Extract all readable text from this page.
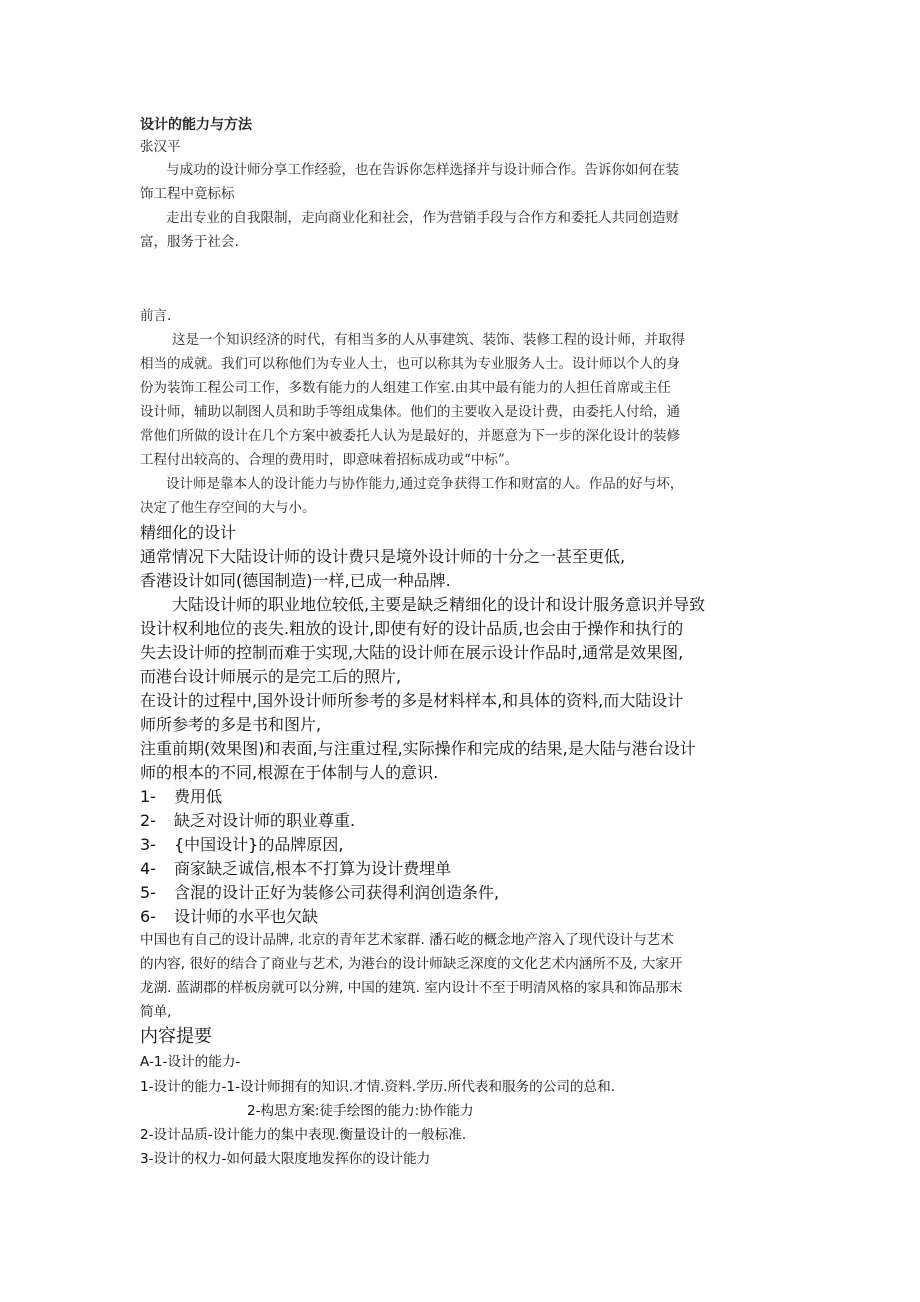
设计的能力与方法
张汉平
与成功的设计师分享工作经验，也在告诉你怎样选择并与设计师合作。告诉你如何在装
饰工程中竟标标
走出专业的自我限制，走向商业化和社会，作为营销手段与合作方和委托人共同创造财
富，服务于社会.
前言.
这是一个知识经济的时代，有相当多的人从事建筑、装饰、装修工程的设计师，并取得
相当的成就。我们可以称他们为专业人士，也可以称其为专业服务人士。设计师以个人的身
份为装饰工程公司工作，多数有能力的人组建工作室.由其中最有能力的人担任首席或主任
设计师，辅助以制图人员和助手等组成集体。他们的主要收入是设计费，由委托人付给，通
常他们所做的设计在几个方案中被委托人认为是最好的，并愿意为下一步的深化设计的装修
工程付出较高的、合理的费用时，即意味着招标成功或“中标”。
设计师是靠本人的设计能力与协作能力,通过竞争获得工作和财富的人。作品的好与坏，
决定了他生存空间的大与小。
精细化的设计
通常情况下大陆设计师的设计费只是境外设计师的十分之一甚至更低,
香港设计如同(德国制造)一样,已成一种品牌.
大陆设计师的职业地位较低,主要是缺乏精细化的设计和设计服务意识并导致
设计权利地位的丧失.粗放的设计,即使有好的设计品质,也会由于操作和执行的
失去设计师的控制而难于实现,大陆的设计师在展示设计作品时,通常是效果图,
而港台设计师展示的是完工后的照片,
在设计的过程中,国外设计师所参考的多是材料样本,和具体的资料,而大陆设计
师所参考的多是书和图片,
注重前期(效果图)和表面,与注重过程,实际操作和完成的结果,是大陆与港台设计
师的根本的不同,根源在于体制与人的意识.
1- 费用低
2- 缺乏对设计师的职业尊重.
3- {中国设计}的品牌原因,
4- 商家缺乏诚信,根本不打算为设计费埋单
5- 含混的设计正好为装修公司获得利润创造条件,
6- 设计师的水平也欠缺
中国也有自己的设计品牌, 北京的青年艺术家群. 潘石屹的概念地产溶入了现代设计与艺术
的内容, 很好的结合了商业与艺术, 为港台的设计师缺乏深度的文化艺术内涵所不及, 大家开
龙湖. 蓝湖郡的样板房就可以分辨, 中国的建筑. 室内设计不至于明清风格的家具和饰品那末
简单,
内容提要
A-1-设计的能力-
1-设计的能力-1-设计师拥有的知识.才情.资料.学历.所代表和服务的公司的总和.
2-构思方案:徒手绘图的能力:协作能力
2-设计品质-设计能力的集中表现.衡量设计的一般标准.
3-设计的权力-如何最大限度地发挥你的设计能力
